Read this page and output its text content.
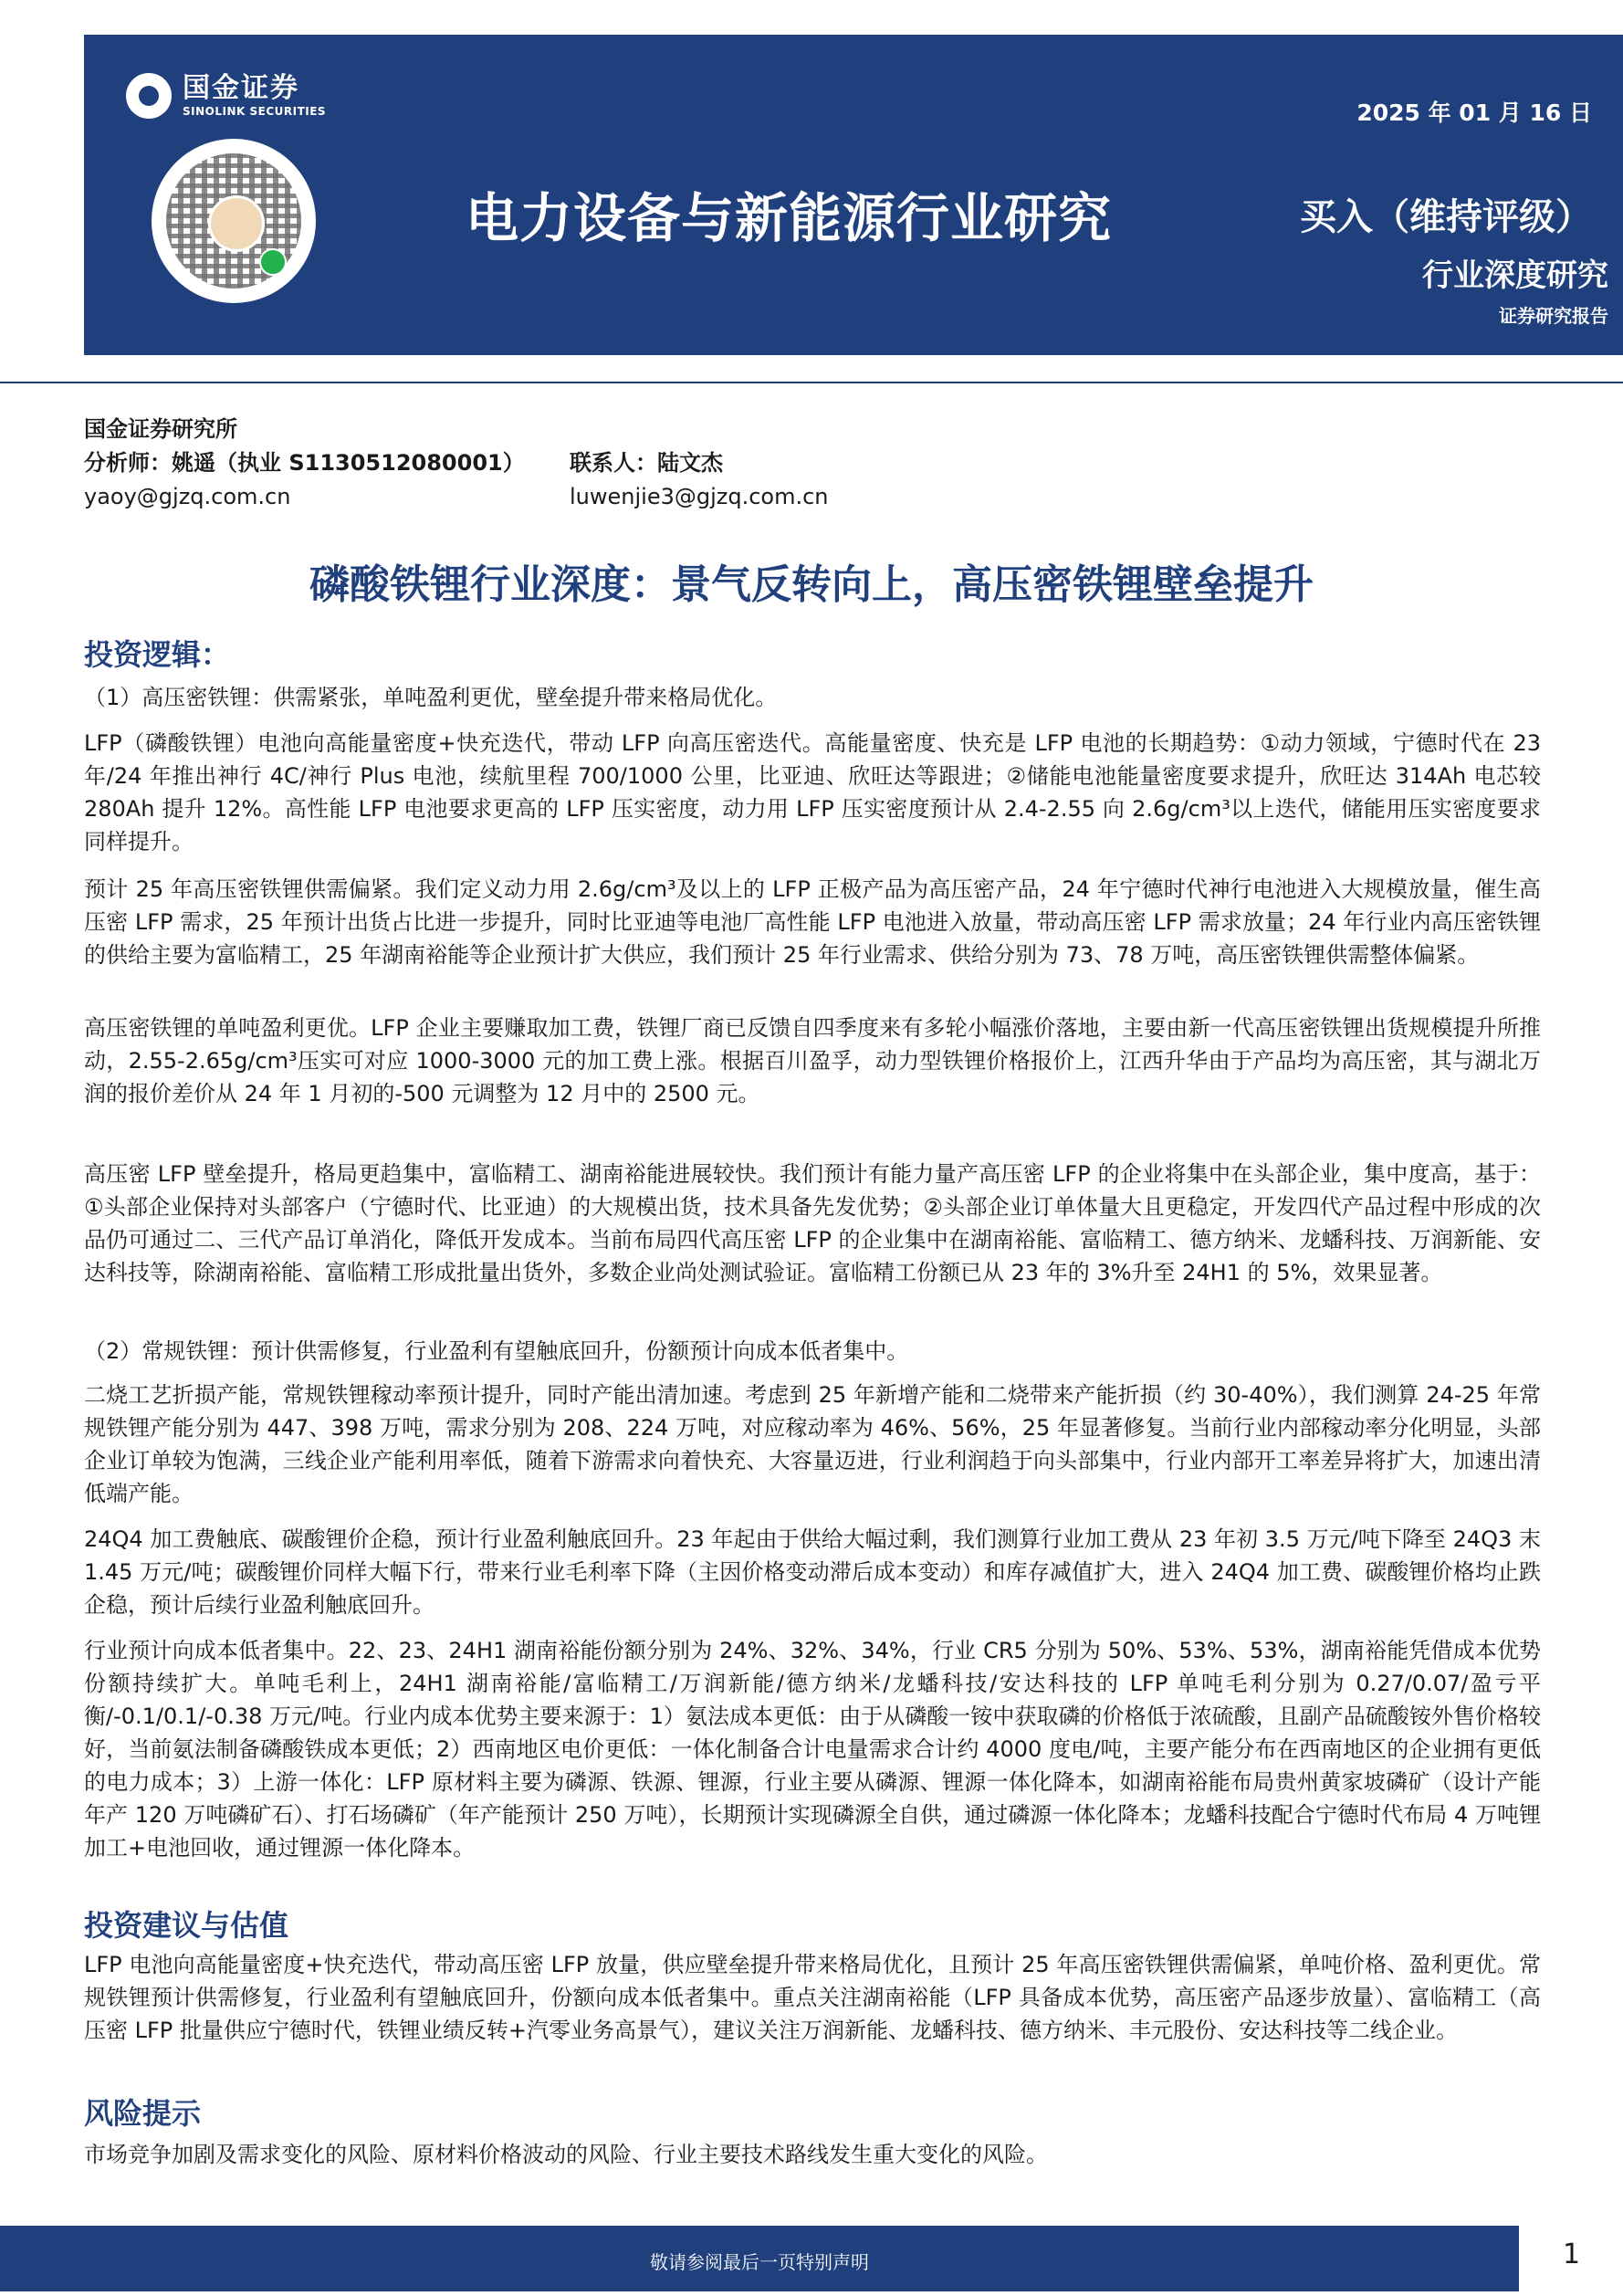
国金证券
SINOLINK SECURITIES	2025 年 01 月 16 日
电力设备与新能源行业研究	买入（维持评级）
行业深度研究
证券研究报告
国金证券研究所
分析师：姚遥（执业 S1130512080001）
yaoy@gjzq.com.cn
联系人：陆文杰
luwenjie3@gjzq.com.cn
磷酸铁锂行业深度：景气反转向上，高压密铁锂壁垒提升
投资逻辑：

（1）高压密铁锂：供需紧张，单吨盈利更优，壁垒提升带来格局优化。

LFP（磷酸铁锂）电池向高能量密度+快充迭代，带动 LFP 向高压密迭代。高能量密度、快充是 LFP 电池的长期趋势：①动力领域，宁德时代在 23 年/24 年推出神行 4C/神行 Plus 电池，续航里程 700/1000 公里，比亚迪、欣旺达等跟进；②储能电池能量密度要求提升，欣旺达 314Ah 电芯较 280Ah 提升 12%。高性能 LFP 电池要求更高的 LFP 压实密度，动力用 LFP 压实密度预计从 2.4-2.55 向 2.6g/cm³以上迭代，储能用压实密度要求同样提升。

预计 25 年高压密铁锂供需偏紧。我们定义动力用 2.6g/cm³及以上的 LFP 正极产品为高压密产品，24 年宁德时代神行电池进入大规模放量，催生高压密 LFP 需求，25 年预计出货占比进一步提升，同时比亚迪等电池厂高性能 LFP 电池进入放量，带动高压密 LFP 需求放量；24 年行业内高压密铁锂的供给主要为富临精工，25 年湖南裕能等企业预计扩大供应，我们预计 25 年行业需求、供给分别为 73、78 万吨，高压密铁锂供需整体偏紧。

高压密铁锂的单吨盈利更优。LFP 企业主要赚取加工费，铁锂厂商已反馈自四季度来有多轮小幅涨价落地，主要由新一代高压密铁锂出货规模提升所推动，2.55-2.65g/cm³压实可对应 1000-3000 元的加工费上涨。根据百川盈孚，动力型铁锂价格报价上，江西升华由于产品均为高压密，其与湖北万润的报价差价从 24 年 1 月初的-500 元调整为 12 月中的 2500 元。

高压密 LFP 壁垒提升，格局更趋集中，富临精工、湖南裕能进展较快。我们预计有能力量产高压密 LFP 的企业将集中在头部企业，集中度高，基于：①头部企业保持对头部客户（宁德时代、比亚迪）的大规模出货，技术具备先发优势；②头部企业订单体量大且更稳定，开发四代产品过程中形成的次品仍可通过二、三代产品订单消化，降低开发成本。当前布局四代高压密 LFP 的企业集中在湖南裕能、富临精工、德方纳米、龙蟠科技、万润新能、安达科技等，除湖南裕能、富临精工形成批量出货外，多数企业尚处测试验证。富临精工份额已从 23 年的 3%升至 24H1 的 5%，效果显著。

（2）常规铁锂：预计供需修复，行业盈利有望触底回升，份额预计向成本低者集中。

二烧工艺折损产能，常规铁锂稼动率预计提升，同时产能出清加速。考虑到 25 年新增产能和二烧带来产能折损（约 30-40%），我们测算 24-25 年常规铁锂产能分别为 447、398 万吨，需求分别为 208、224 万吨，对应稼动率为 46%、56%，25 年显著修复。当前行业内部稼动率分化明显，头部企业订单较为饱满，三线企业产能利用率低，随着下游需求向着快充、大容量迈进，行业利润趋于向头部集中，行业内部开工率差异将扩大，加速出清低端产能。

24Q4 加工费触底、碳酸锂价企稳，预计行业盈利触底回升。23 年起由于供给大幅过剩，我们测算行业加工费从 23 年初 3.5 万元/吨下降至 24Q3 末 1.45 万元/吨；碳酸锂价同样大幅下行，带来行业毛利率下降（主因价格变动滞后成本变动）和库存减值扩大，进入 24Q4 加工费、碳酸锂价格均止跌企稳，预计后续行业盈利触底回升。

行业预计向成本低者集中。22、23、24H1 湖南裕能份额分别为 24%、32%、34%，行业 CR5 分别为 50%、53%、53%，湖南裕能凭借成本优势份额持续扩大。单吨毛利上，24H1 湖南裕能/富临精工/万润新能/德方纳米/龙蟠科技/安达科技的 LFP 单吨毛利分别为 0.27/0.07/盈亏平衡/-0.1/0.1/-0.38 万元/吨。行业内成本优势主要来源于：1）氨法成本更低：由于从磷酸一铵中获取磷的价格低于浓硫酸，且副产品硫酸铵外售价格较好，当前氨法制备磷酸铁成本更低；2）西南地区电价更低：一体化制备合计电量需求合计约 4000 度电/吨，主要产能分布在西南地区的企业拥有更低的电力成本；3）上游一体化：LFP 原材料主要为磷源、铁源、锂源，行业主要从磷源、锂源一体化降本，如湖南裕能布局贵州黄家坡磷矿（设计产能年产 120 万吨磷矿石）、打石场磷矿（年产能预计 250 万吨），长期预计实现磷源全自供，通过磷源一体化降本；龙蟠科技配合宁德时代布局 4 万吨锂加工+电池回收，通过锂源一体化降本。

投资建议与估值

LFP 电池向高能量密度+快充迭代，带动高压密 LFP 放量，供应壁垒提升带来格局优化，且预计 25 年高压密铁锂供需偏紧，单吨价格、盈利更优。常规铁锂预计供需修复，行业盈利有望触底回升，份额向成本低者集中。重点关注湖南裕能（LFP 具备成本优势，高压密产品逐步放量）、富临精工（高压密 LFP 批量供应宁德时代，铁锂业绩反转+汽零业务高景气），建议关注万润新能、龙蟠科技、德方纳米、丰元股份、安达科技等二线企业。

风险提示

市场竞争加剧及需求变化的风险、原材料价格波动的风险、行业主要技术路线发生重大变化的风险。

敬请参阅最后一页特别声明	1
